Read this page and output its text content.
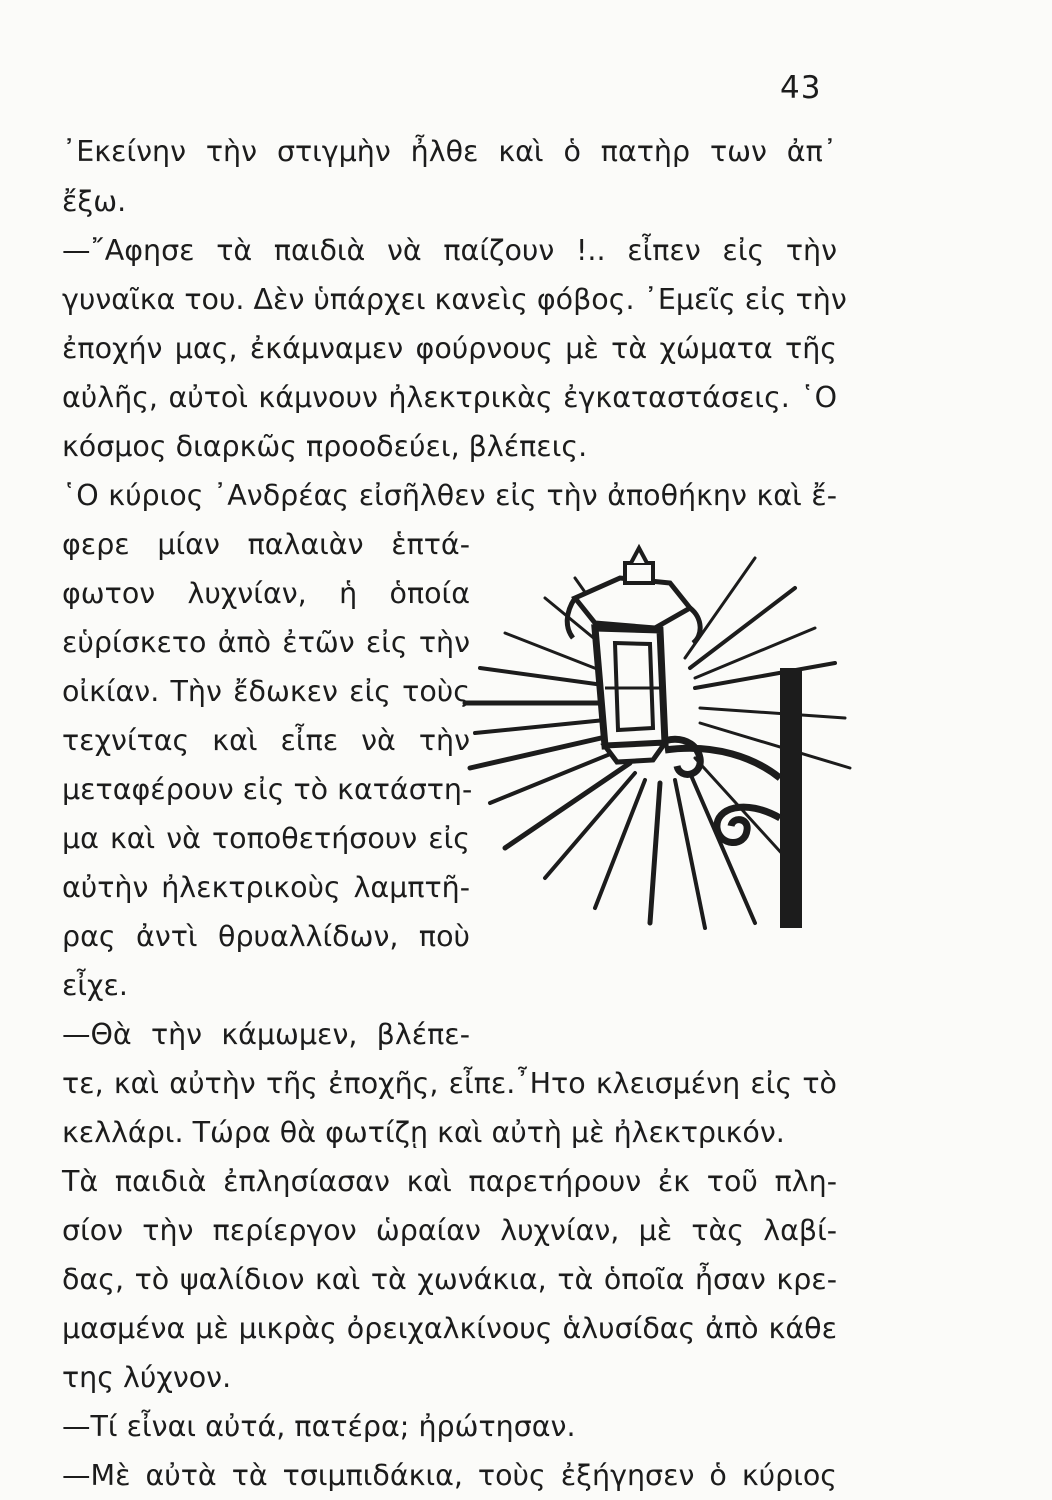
43
᾿Εκείνην τὴν στιγμὴν ἦλθε καὶ ὁ πατὴρ των ἀπ᾿
ἔξω.
—῎Αφησε τὰ παιδιὰ νὰ παίζουν !.. εἶπεν εἰς τὴν
γυναῖκα του. Δὲν ὑπάρχει κανεὶς φόβος. ᾿Εμεῖς εἰς τὴν
ἐποχήν μας, ἐκάμναμεν φούρνους μὲ τὰ χώματα τῆς
αὐλῆς, αὐτοὶ κάμνουν ἠλεκτρικὰς ἐγκαταστάσεις. ῾Ο
κόσμος διαρκῶς προοδεύει, βλέπεις.
῾Ο κύριος ᾿Ανδρέας εἰσῆλθεν εἰς τὴν ἀποθήκην καὶ ἔ-
φερε μίαν παλαιὰν ἑπτά-
φωτον λυχνίαν, ἡ ὁποία
εὑρίσκετο ἀπὸ ἐτῶν εἰς τὴν
οἰκίαν. Τὴν ἔδωκεν εἰς τοὺς
τεχνίτας καὶ εἶπε νὰ τὴν
μεταφέρουν εἰς τὸ κατάστη-
μα καὶ νὰ τοποθετήσουν εἰς
αὐτὴν ἠλεκτρικοὺς λαμπτῆ-
ρας ἀντὶ θρυαλλίδων, ποὺ
εἶχε.
—Θὰ τὴν κάμωμεν, βλέπε-
τε, καὶ αὐτὴν τῆς ἐποχῆς, εἶπε.῏Ητο κλεισμένη εἰς τὸ
κελλάρι. Τώρα θὰ φωτίζῃ καὶ αὐτὴ μὲ ἠλεκτρικόν.
Τὰ παιδιὰ ἐπλησίασαν καὶ παρετήρουν ἐκ τοῦ πλη-
σίον τὴν περίεργον ὡραίαν λυχνίαν, μὲ τὰς λαβί-
δας, τὸ ψαλίδιον καὶ τὰ χωνάκια, τὰ ὁποῖα ἦσαν κρε-
μασμένα μὲ μικρὰς ὀρειχαλκίνους ἁλυσίδας ἀπὸ κάθε
της λύχνον.
—Τί εἶναι αὐτά, πατέρα; ἠρώτησαν.
—Μὲ αὐτὰ τὰ τσιμπιδάκια, τοὺς ἐξήγησεν ὁ κύριος
